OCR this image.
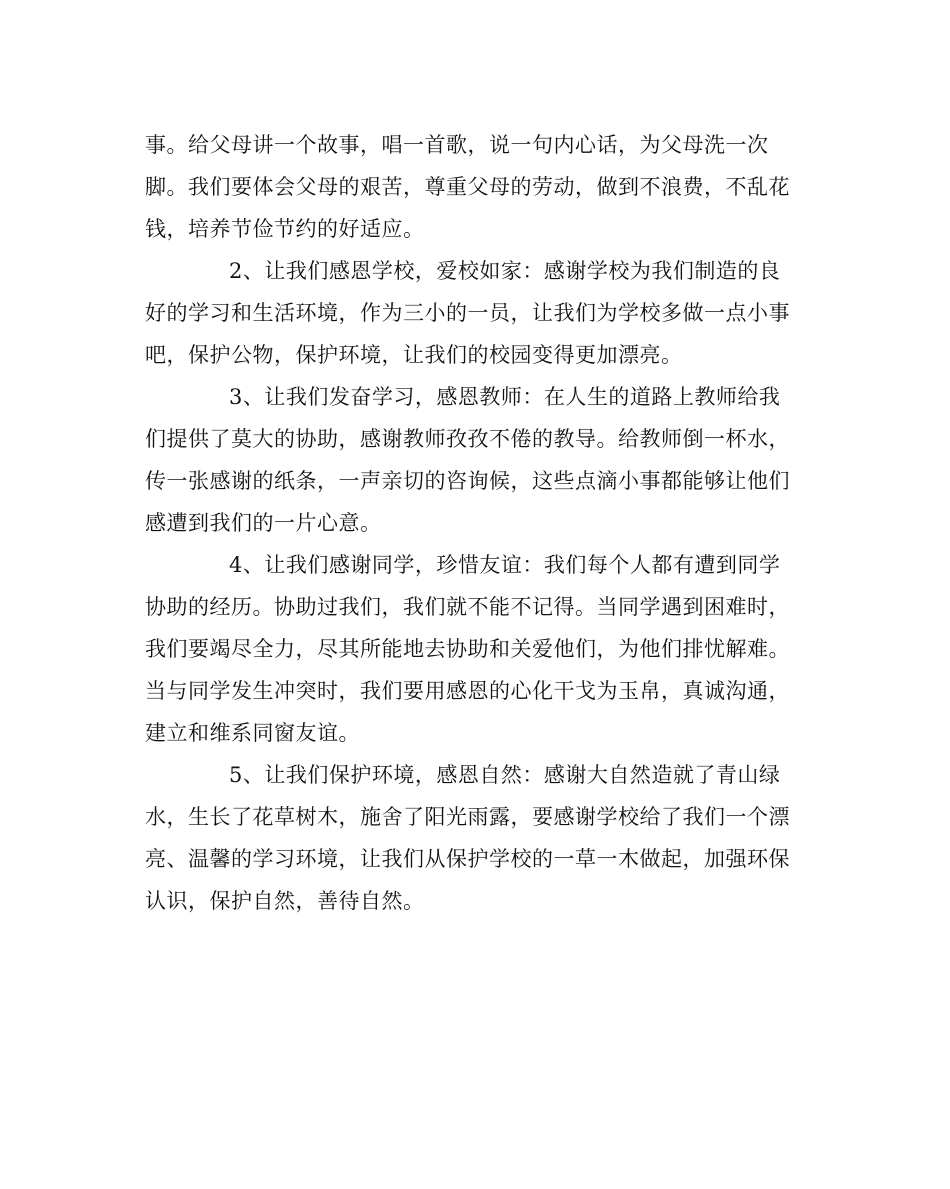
事。给父母讲一个故事，唱一首歌，说一句内心话，为父母洗一次
脚。我们要体会父母的艰苦，尊重父母的劳动，做到不浪费，不乱花
钱，培养节俭节约的好适应。

2、让我们感恩学校，爱校如家：感谢学校为我们制造的良
好的学习和生活环境，作为三小的一员，让我们为学校多做一点小事
吧，保护公物，保护环境，让我们的校园变得更加漂亮。

3、让我们发奋学习，感恩教师：在人生的道路上教师给我
们提供了莫大的协助，感谢教师孜孜不倦的教导。给教师倒一杯水，
传一张感谢的纸条，一声亲切的咨询候，这些点滴小事都能够让他们
感遭到我们的一片心意。

4、让我们感谢同学，珍惜友谊：我们每个人都有遭到同学
协助的经历。协助过我们，我们就不能不记得。当同学遇到困难时，
我们要竭尽全力，尽其所能地去协助和关爱他们，为他们排忧解难。
当与同学发生冲突时，我们要用感恩的心化干戈为玉帛，真诚沟通，
建立和维系同窗友谊。

5、让我们保护环境，感恩自然：感谢大自然造就了青山绿
水，生长了花草树木，施舍了阳光雨露，要感谢学校给了我们一个漂
亮、温馨的学习环境，让我们从保护学校的一草一木做起，加强环保
认识，保护自然，善待自然。
